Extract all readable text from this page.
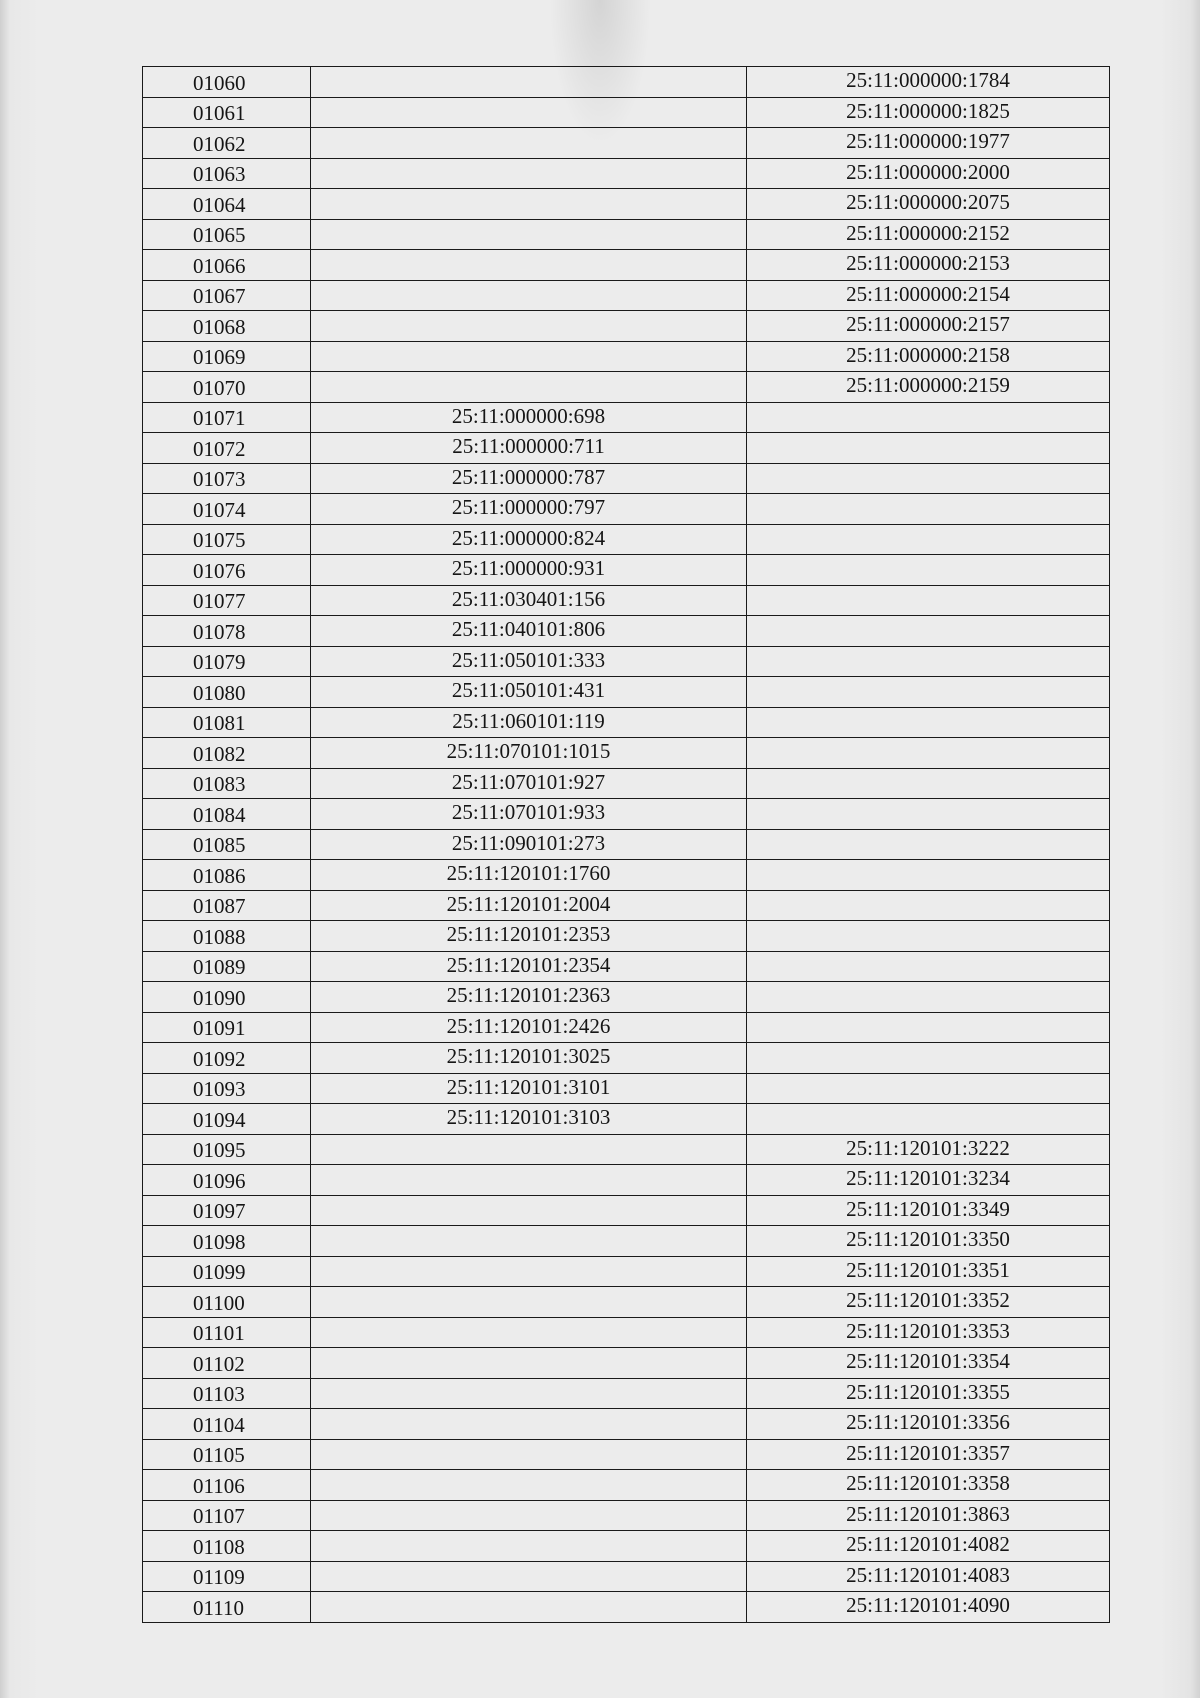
01060		25:11:000000:1784
01061		25:11:000000:1825
01062		25:11:000000:1977
01063		25:11:000000:2000
01064		25:11:000000:2075
01065		25:11:000000:2152
01066		25:11:000000:2153
01067		25:11:000000:2154
01068		25:11:000000:2157
01069		25:11:000000:2158
01070		25:11:000000:2159
01071	25:11:000000:698	
01072	25:11:000000:711	
01073	25:11:000000:787	
01074	25:11:000000:797	
01075	25:11:000000:824	
01076	25:11:000000:931	
01077	25:11:030401:156	
01078	25:11:040101:806	
01079	25:11:050101:333	
01080	25:11:050101:431	
01081	25:11:060101:119	
01082	25:11:070101:1015	
01083	25:11:070101:927	
01084	25:11:070101:933	
01085	25:11:090101:273	
01086	25:11:120101:1760	
01087	25:11:120101:2004	
01088	25:11:120101:2353	
01089	25:11:120101:2354	
01090	25:11:120101:2363	
01091	25:11:120101:2426	
01092	25:11:120101:3025	
01093	25:11:120101:3101	
01094	25:11:120101:3103	
01095		25:11:120101:3222
01096		25:11:120101:3234
01097		25:11:120101:3349
01098		25:11:120101:3350
01099		25:11:120101:3351
01100		25:11:120101:3352
01101		25:11:120101:3353
01102		25:11:120101:3354
01103		25:11:120101:3355
01104		25:11:120101:3356
01105		25:11:120101:3357
01106		25:11:120101:3358
01107		25:11:120101:3863
01108		25:11:120101:4082
01109		25:11:120101:4083
01110		25:11:120101:4090
